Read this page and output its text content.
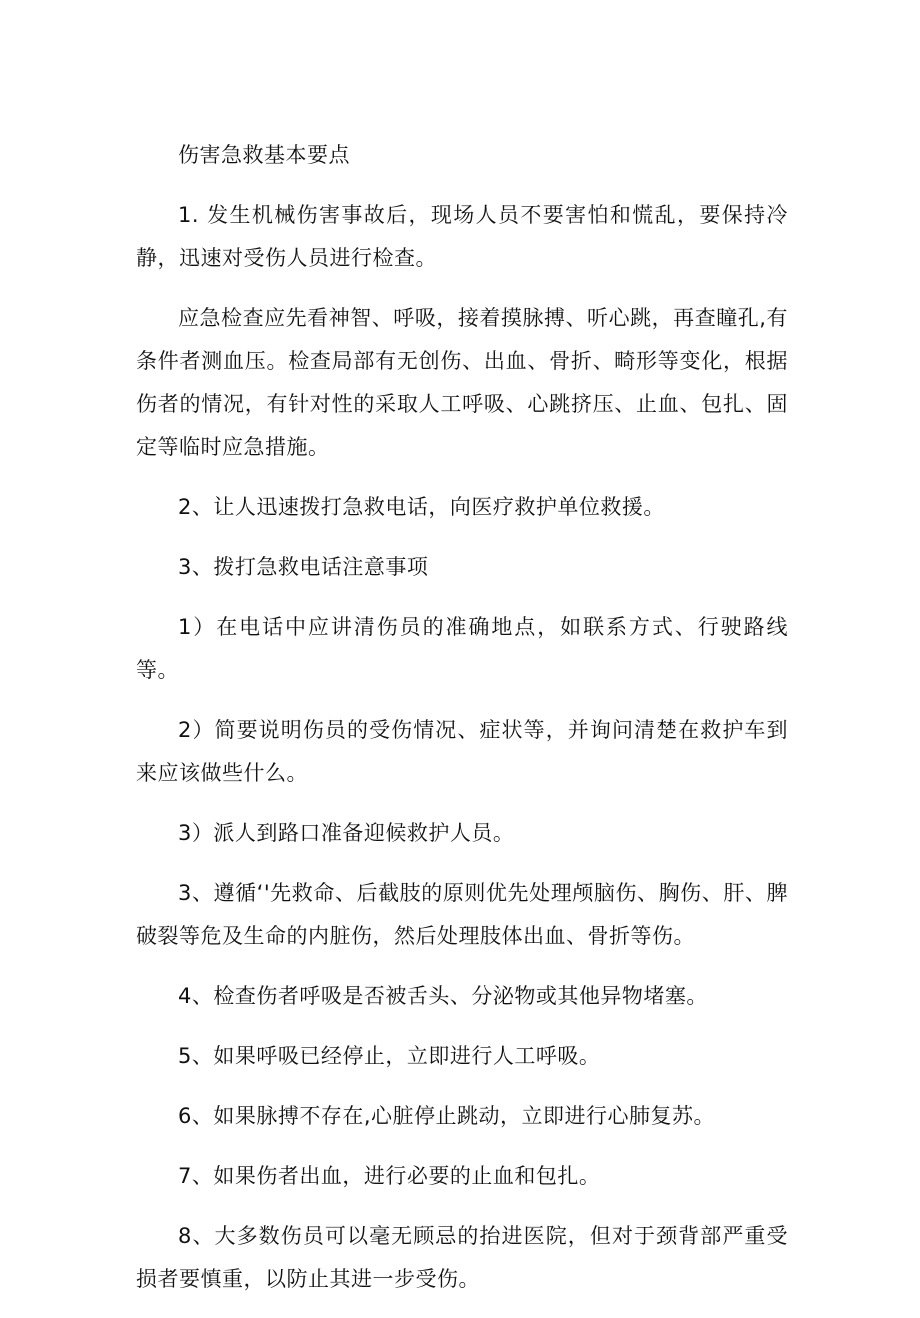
伤害急救基本要点

1. 发生机械伤害事故后，现场人员不要害怕和慌乱，要保持冷静，迅速对受伤人员进行检查。

应急检查应先看神智、呼吸，接着摸脉搏、听心跳，再查瞳孔,有条件者测血压。检查局部有无创伤、出血、骨折、畸形等变化，根据伤者的情况，有针对性的采取人工呼吸、心跳挤压、止血、包扎、固定等临时应急措施。

2、让人迅速拨打急救电话，向医疗救护单位救援。

3、拨打急救电话注意事项

1）在电话中应讲清伤员的准确地点，如联系方式、行驶路线等。

2）简要说明伤员的受伤情况、症状等，并询问清楚在救护车到来应该做些什么。

3）派人到路口准备迎候救护人员。

3、遵循‘'先救命、后截肢的原则优先处理颅脑伤、胸伤、肝、脾破裂等危及生命的内脏伤，然后处理肢体出血、骨折等伤。

4、检查伤者呼吸是否被舌头、分泌物或其他异物堵塞。

5、如果呼吸已经停止，立即进行人工呼吸。

6、如果脉搏不存在,心脏停止跳动，立即进行心肺复苏。

7、如果伤者出血，进行必要的止血和包扎。

8、大多数伤员可以毫无顾忌的抬进医院，但对于颈背部严重受损者要慎重，以防止其进一步受伤。
